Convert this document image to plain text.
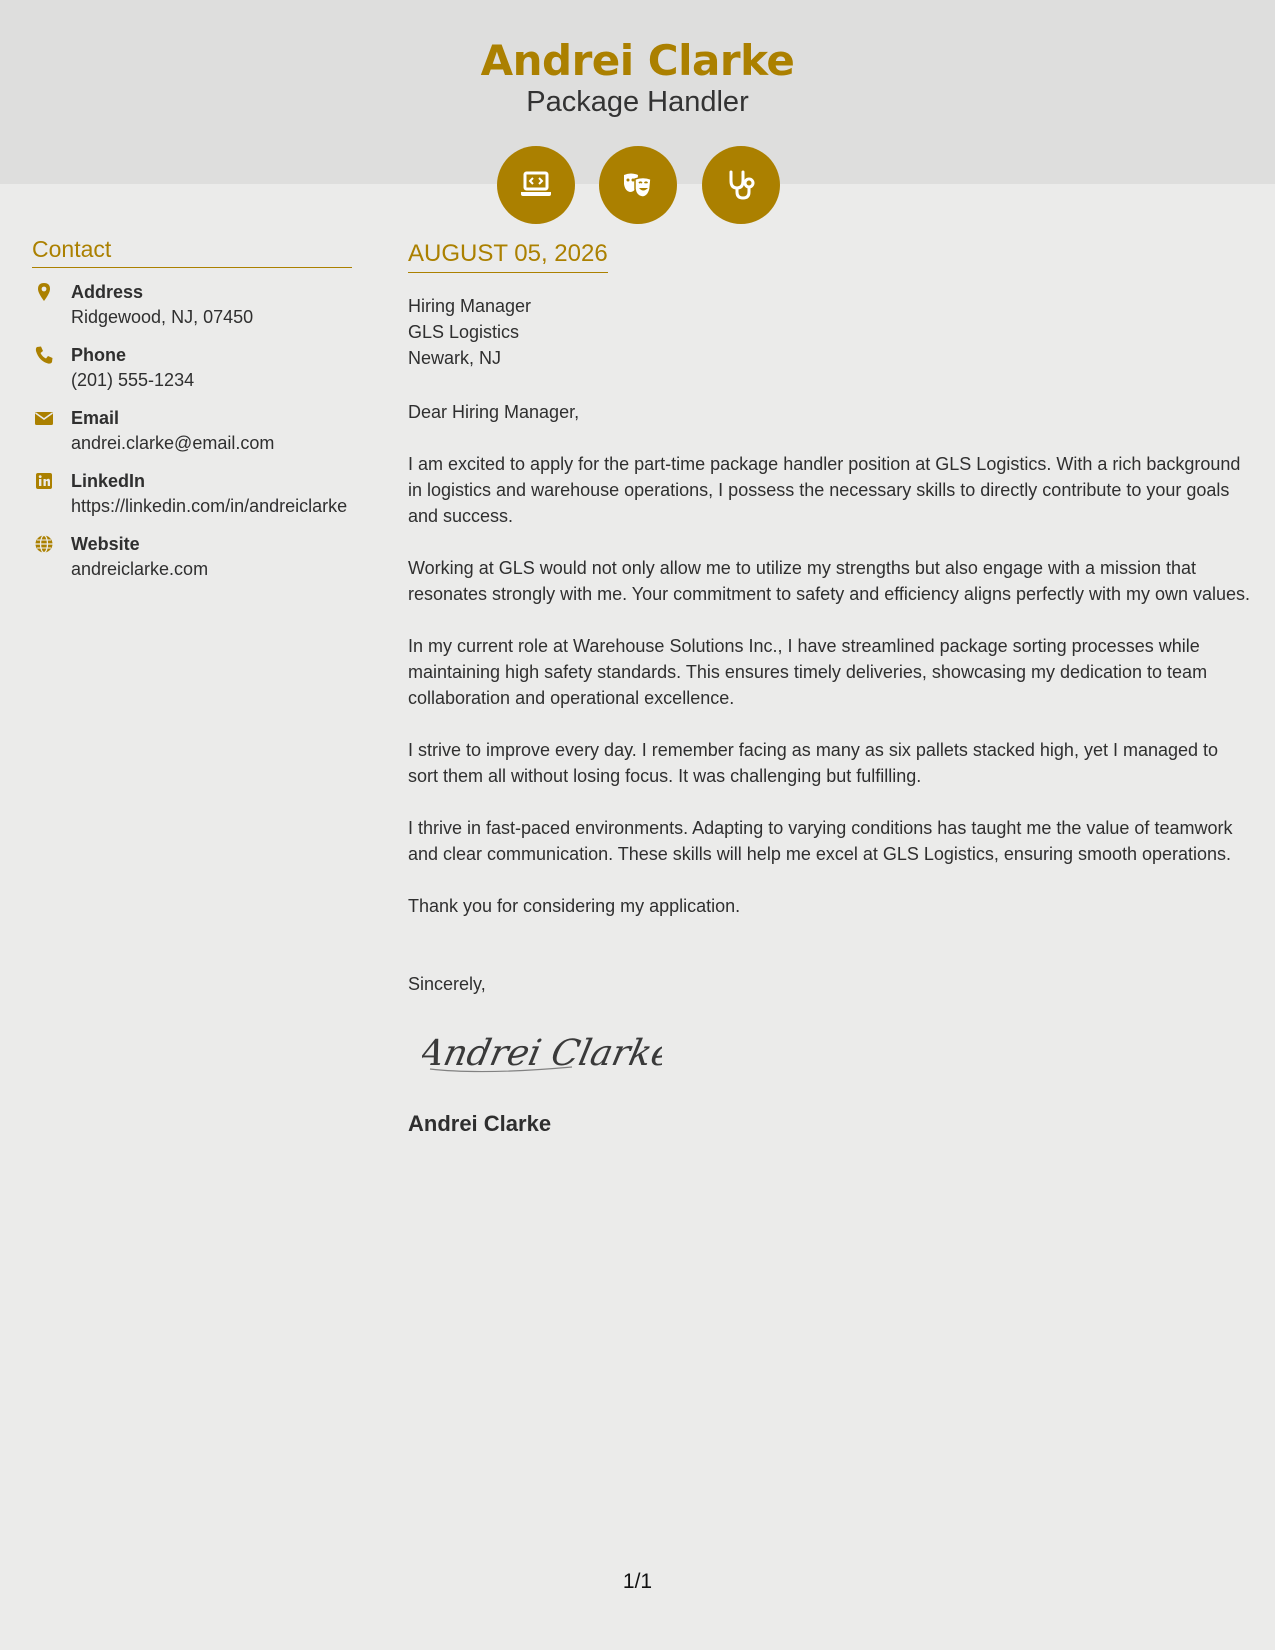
Andrei Clarke
Package Handler
Contact
Address
Ridgewood, NJ, 07450
Phone
(201) 555-1234
Email
andrei.clarke@email.com
LinkedIn
https://linkedin.com/in/andreiclarke
Website
andreiclarke.com
AUGUST 05, 2026
Hiring Manager
GLS Logistics
Newark, NJ

Dear Hiring Manager,

I am excited to apply for the part-time package handler position at GLS Logistics. With a rich background in logistics and warehouse operations, I possess the necessary skills to directly contribute to your goals and success.

Working at GLS would not only allow me to utilize my strengths but also engage with a mission that resonates strongly with me. Your commitment to safety and efficiency aligns perfectly with my own values.

In my current role at Warehouse Solutions Inc., I have streamlined package sorting processes while maintaining high safety standards. This ensures timely deliveries, showcasing my dedication to team collaboration and operational excellence.

I strive to improve every day. I remember facing as many as six pallets stacked high, yet I managed to sort them all without losing focus. It was challenging but fulfilling.

I thrive in fast-paced environments. Adapting to varying conditions has taught me the value of teamwork and clear communication. These skills will help me excel at GLS Logistics, ensuring smooth operations.

Thank you for considering my application.

Sincerely,
Andrei Clarke
Andrei Clarke
1/1
